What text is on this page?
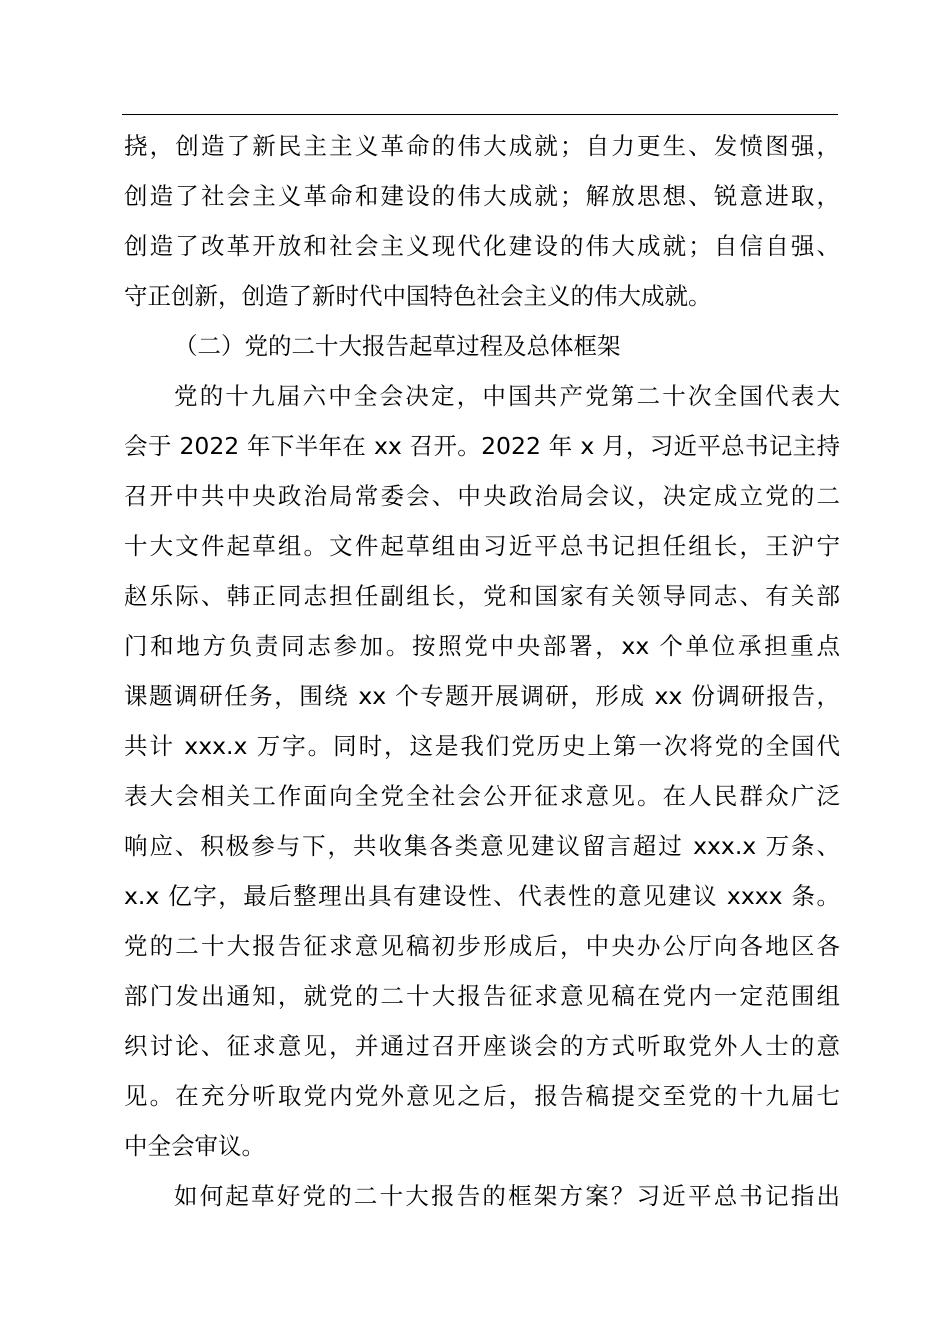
挠，创造了新民主主义革命的伟大成就；自力更生、发愤图强，
创造了社会主义革命和建设的伟大成就；解放思想、锐意进取，
创造了改革开放和社会主义现代化建设的伟大成就；自信自强、
守正创新，创造了新时代中国特色社会主义的伟大成就。
（二）党的二十大报告起草过程及总体框架
党的十九届六中全会决定，中国共产党第二十次全国代表大
会于 2022 年下半年在 xx 召开。2022 年 x 月，习近平总书记主持
召开中共中央政治局常委会、中央政治局会议，决定成立党的二
十大文件起草组。文件起草组由习近平总书记担任组长，王沪宁
赵乐际、韩正同志担任副组长，党和国家有关领导同志、有关部
门和地方负责同志参加。按照党中央部署，xx 个单位承担重点
课题调研任务，围绕 xx 个专题开展调研，形成 xx 份调研报告，
共计 xxx.x 万字。同时，这是我们党历史上第一次将党的全国代
表大会相关工作面向全党全社会公开征求意见。在人民群众广泛
响应、积极参与下，共收集各类意见建议留言超过 xxx.x 万条、
x.x 亿字，最后整理出具有建设性、代表性的意见建议 xxxx 条。
党的二十大报告征求意见稿初步形成后，中央办公厅向各地区各
部门发出通知，就党的二十大报告征求意见稿在党内一定范围组
织讨论、征求意见，并通过召开座谈会的方式听取党外人士的意
见。在充分听取党内党外意见之后，报告稿提交至党的十九届七
中全会审议。
如何起草好党的二十大报告的框架方案？习近平总书记指出
